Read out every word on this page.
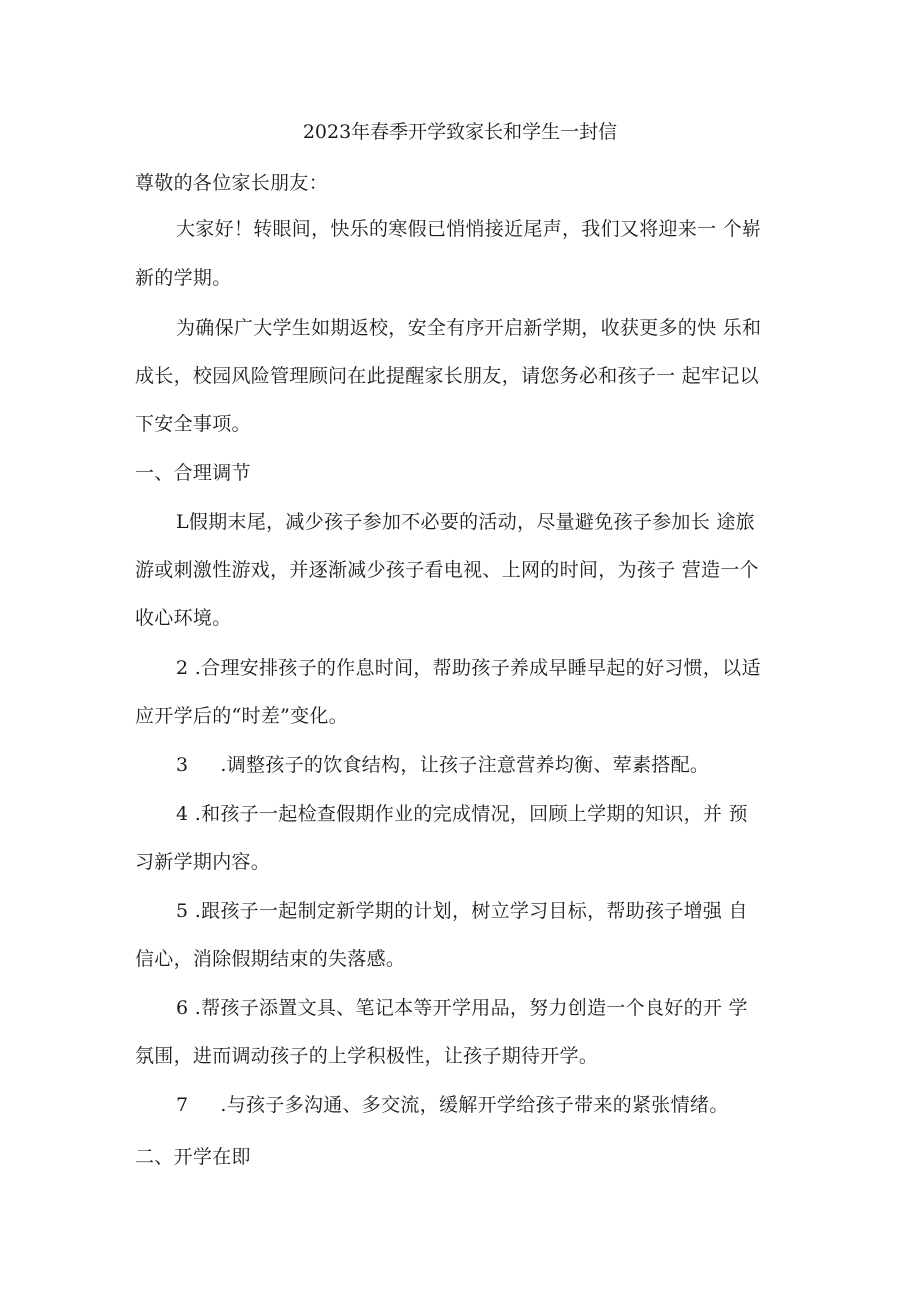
2023年春季开学致家长和学生一封信
尊敬的各位家长朋友：
大家好！转眼间，快乐的寒假已悄悄接近尾声，我们又将迎来一 个崭
新的学期。
为确保广大学生如期返校，安全有序开启新学期，收获更多的快 乐和
成长，校园风险管理顾问在此提醒家长朋友，请您务必和孩子一 起牢记以
下安全事项。
一、合理调节
L假期末尾，减少孩子参加不必要的活动，尽量避免孩子参加长 途旅
游或刺激性游戏，并逐渐减少孩子看电视、上网的时间，为孩子 营造一个
收心环境。
2 .合理安排孩子的作息时间，帮助孩子养成早睡早起的好习惯，以适
应开学后的“时差”变化。
3 　 .调整孩子的饮食结构，让孩子注意营养均衡、荤素搭配。
4 .和孩子一起检查假期作业的完成情况，回顾上学期的知识，并 预
习新学期内容。
5 .跟孩子一起制定新学期的计划，树立学习目标，帮助孩子增强 自
信心，消除假期结束的失落感。
6 .帮孩子添置文具、笔记本等开学用品，努力创造一个良好的开 学
氛围，进而调动孩子的上学积极性，让孩子期待开学。
7 　 .与孩子多沟通、多交流，缓解开学给孩子带来的紧张情绪。
二、开学在即
